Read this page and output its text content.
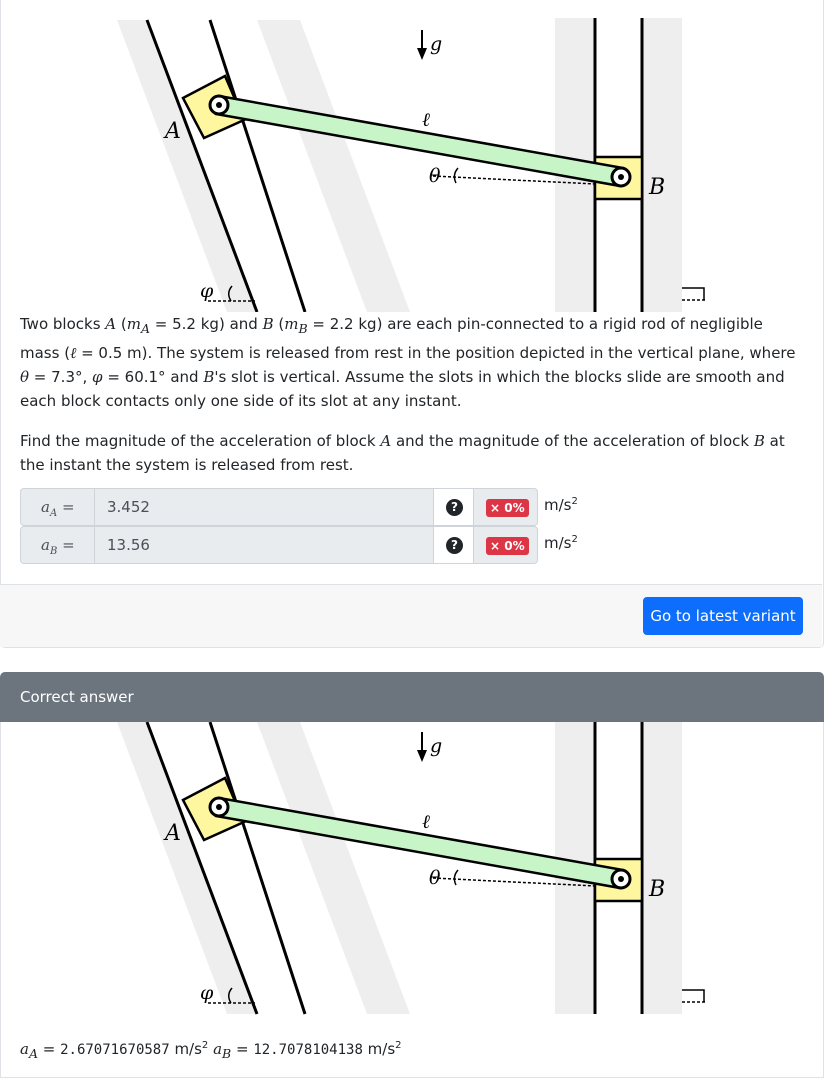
g
ℓ
θ
φ
A
B

Two blocks A ($m_A = 5.2$ kg) and B ($m_B = 2.2$ kg) are each pin-connected to a rigid rod of negligible mass (ℓ = 0.5 m). The system is released from rest in the position depicted in the vertical plane, where θ = 7.3°, φ = 60.1° and B's slot is vertical. Assume the slots in which the blocks slide are smooth and each block contacts only one side of its slot at any instant.

Find the magnitude of the acceleration of block A and the magnitude of the acceleration of block B at the instant the system is released from rest.

$a_A$ =	3.452	?	× 0% $m/s^2$
$a_B$ =	13.56	?	× 0% $m/s^2$
Go to latest variant
Correct answer
g
ℓ
θ
φ
A
B
$a_A = 2.67071670587$ $m/s^2$ $a_B = 12.7078104138$ $m/s^2$
